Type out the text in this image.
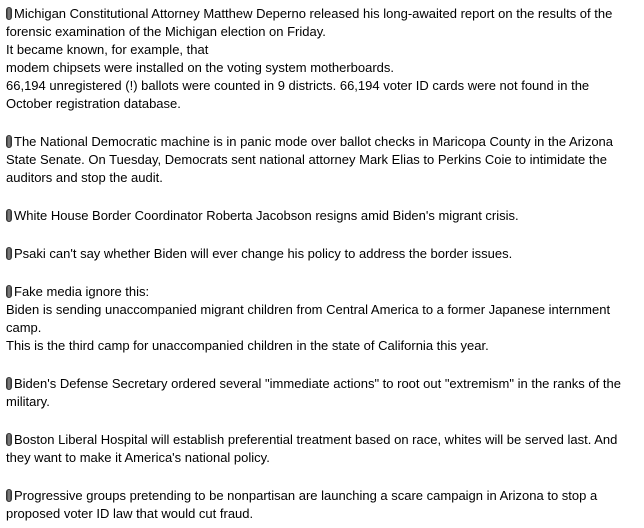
Michigan Constitutional Attorney Matthew Deperno released his long-awaited report on the results of the forensic examination of the Michigan election on Friday.

It became known, for example, that

modem chipsets were installed on the voting system motherboards.

66,194 unregistered (!) ballots were counted in 9 districts. 66,194 voter ID cards were not found in the October registration database.

The National Democratic machine is in panic mode over ballot checks in Maricopa County in the Arizona State Senate. On Tuesday, Democrats sent national attorney Mark Elias to Perkins Coie to intimidate the auditors and stop the audit.

White House Border Coordinator Roberta Jacobson resigns amid Biden's migrant crisis.

Psaki can't say whether Biden will ever change his policy to address the border issues.

Fake media ignore this:

Biden is sending unaccompanied migrant children from Central America to a former Japanese internment camp.

This is the third camp for unaccompanied children in the state of California this year.

Biden's Defense Secretary ordered several "immediate actions" to root out "extremism" in the ranks of the military.

Boston Liberal Hospital will establish preferential treatment based on race, whites will be served last. And they want to make it America's national policy.

Progressive groups pretending to be nonpartisan are launching a scare campaign in Arizona to stop a proposed voter ID law that would cut fraud.
